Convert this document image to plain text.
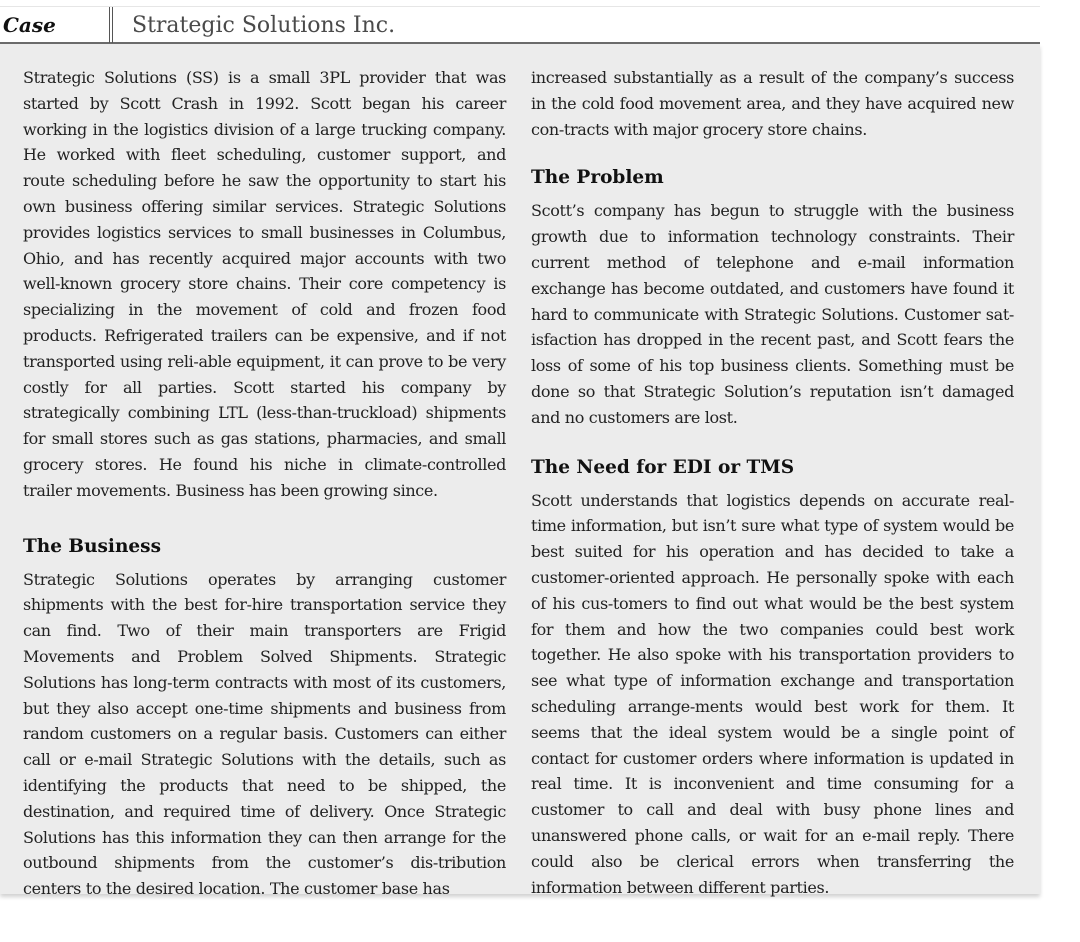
Case	Strategic Solutions Inc.

Strategic Solutions (SS) is a small 3PL provider that was started by Scott Crash in 1992. Scott began his career working in the logistics division of a large trucking company. He worked with fleet scheduling, customer support, and route scheduling before he saw the opportunity to start his own business offering similar services. Strategic Solutions provides logistics services to small businesses in Columbus, Ohio, and has recently acquired major accounts with two well-known grocery store chains. Their core competency is specializing in the movement of cold and frozen food products. Refrigerated trailers can be expensive, and if not transported using reli-able equipment, it can prove to be very costly for all parties. Scott started his company by strategically combining LTL (less-than-truckload) shipments for small stores such as gas stations, pharmacies, and small grocery stores. He found his niche in climate-controlled trailer movements. Business has been growing since.

The Business

Strategic Solutions operates by arranging customer shipments with the best for-hire transportation service they can find. Two of their main transporters are Frigid Movements and Problem Solved Shipments. Strategic Solutions has long-term contracts with most of its customers, but they also accept one-time shipments and business from random customers on a regular basis. Customers can either call or e-mail Strategic Solutions with the details, such as identifying the products that need to be shipped, the destination, and required time of delivery. Once Strategic Solutions has this information they can then arrange for the outbound shipments from the customer’s dis-tribution centers to the desired location. The customer base has

increased substantially as a result of the company’s success in the cold food movement area, and they have acquired new con-tracts with major grocery store chains.

The Problem

Scott’s company has begun to struggle with the business growth due to information technology constraints. Their current method of telephone and e-mail information exchange has become outdated, and customers have found it hard to communicate with Strategic Solutions. Customer sat-isfaction has dropped in the recent past, and Scott fears the loss of some of his top business clients. Something must be done so that Strategic Solution’s reputation isn’t damaged and no customers are lost.

The Need for EDI or TMS

Scott understands that logistics depends on accurate real-time information, but isn’t sure what type of system would be best suited for his operation and has decided to take a customer-oriented approach. He personally spoke with each of his cus-tomers to find out what would be the best system for them and how the two companies could best work together. He also spoke with his transportation providers to see what type of information exchange and transportation scheduling arrange-ments would best work for them. It seems that the ideal system would be a single point of contact for customer orders where information is updated in real time. It is inconvenient and time consuming for a customer to call and deal with busy phone lines and unanswered phone calls, or wait for an e-mail reply. There could also be clerical errors when transferring the information between different parties.
